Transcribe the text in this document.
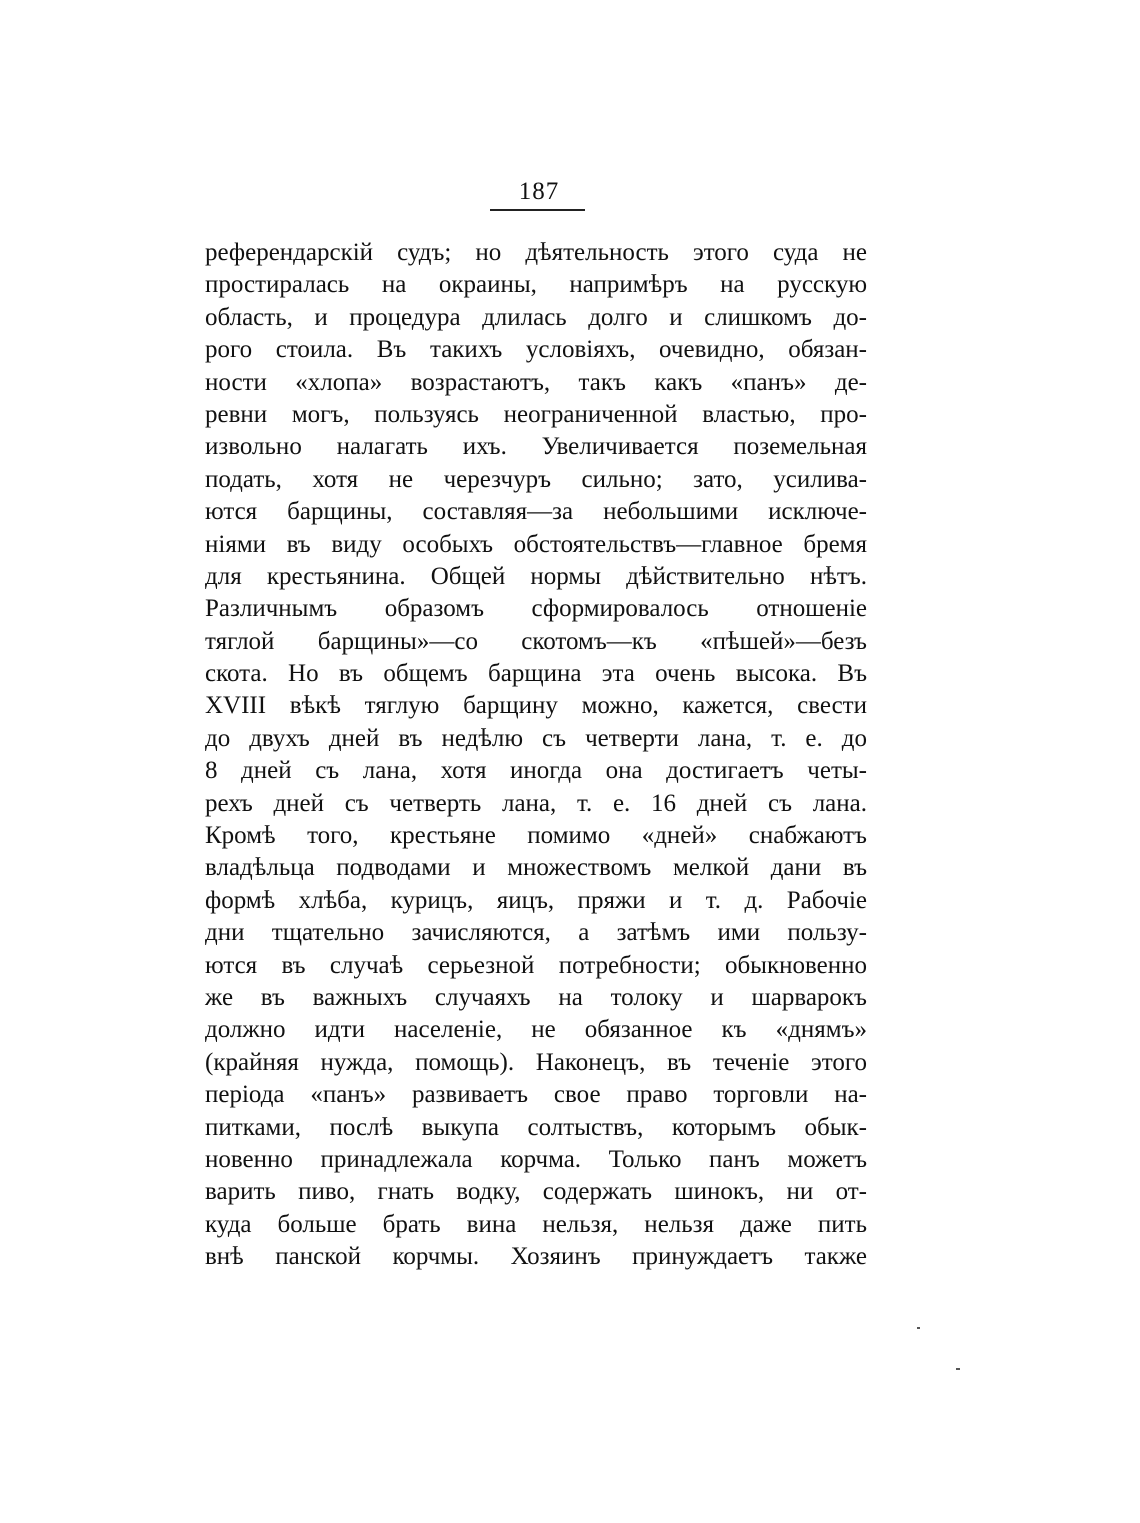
187
референдарскій судъ; но дѣятельность этого суда не
простиралась на окраины, напримѣръ на русскую
область, и процедура длилась долго и слишкомъ до-
рого стоила. Въ такихъ условіяхъ, очевидно, обязан-
ности «хлопа» возрастаютъ, такъ какъ «панъ» де-
ревни могъ, пользуясь неограниченной властью, про-
извольно налагать ихъ. Увеличивается поземельная
подать, хотя не черезчуръ сильно; зато, усилива-
ются барщины, составляя—за небольшими исключе-
ніями въ виду особыхъ обстоятельствъ—главное бремя
для крестьянина. Общей нормы дѣйствительно нѣтъ.
Различнымъ образомъ сформировалось отношеніе
тяглой барщины»—со скотомъ—къ «пѣшей»—безъ
скота. Но въ общемъ барщина эта очень высока. Въ
XVIII вѣкѣ тяглую барщину можно, кажется, свести
до двухъ дней въ недѣлю съ четверти лана, т. е. до
8 дней съ лана, хотя иногда она достигаетъ четы-
рехъ дней съ четверть лана, т. е. 16 дней съ лана.
Кромѣ того, крестьяне помимо «дней» снабжаютъ
владѣльца подводами и множествомъ мелкой дани въ
формѣ хлѣба, курицъ, яицъ, пряжи и т. д. Рабочіе
дни тщательно зачисляются, а затѣмъ ими пользу-
ются въ случаѣ серьезной потребности; обыкновенно
же въ важныхъ случаяхъ на толоку и шарварокъ
должно идти населеніе, не обязанное къ «днямъ»
(крайняя нужда, помощь). Наконецъ, въ теченіе этого
періода «панъ» развиваетъ свое право торговли на-
питками, послѣ выкупа солтыствъ, которымъ обык-
новенно принадлежала корчма. Только панъ можетъ
варить пиво, гнать водку, содержать шинокъ, ни от-
куда больше брать вина нельзя, нельзя даже пить
внѣ панской корчмы. Хозяинъ принуждаетъ также
